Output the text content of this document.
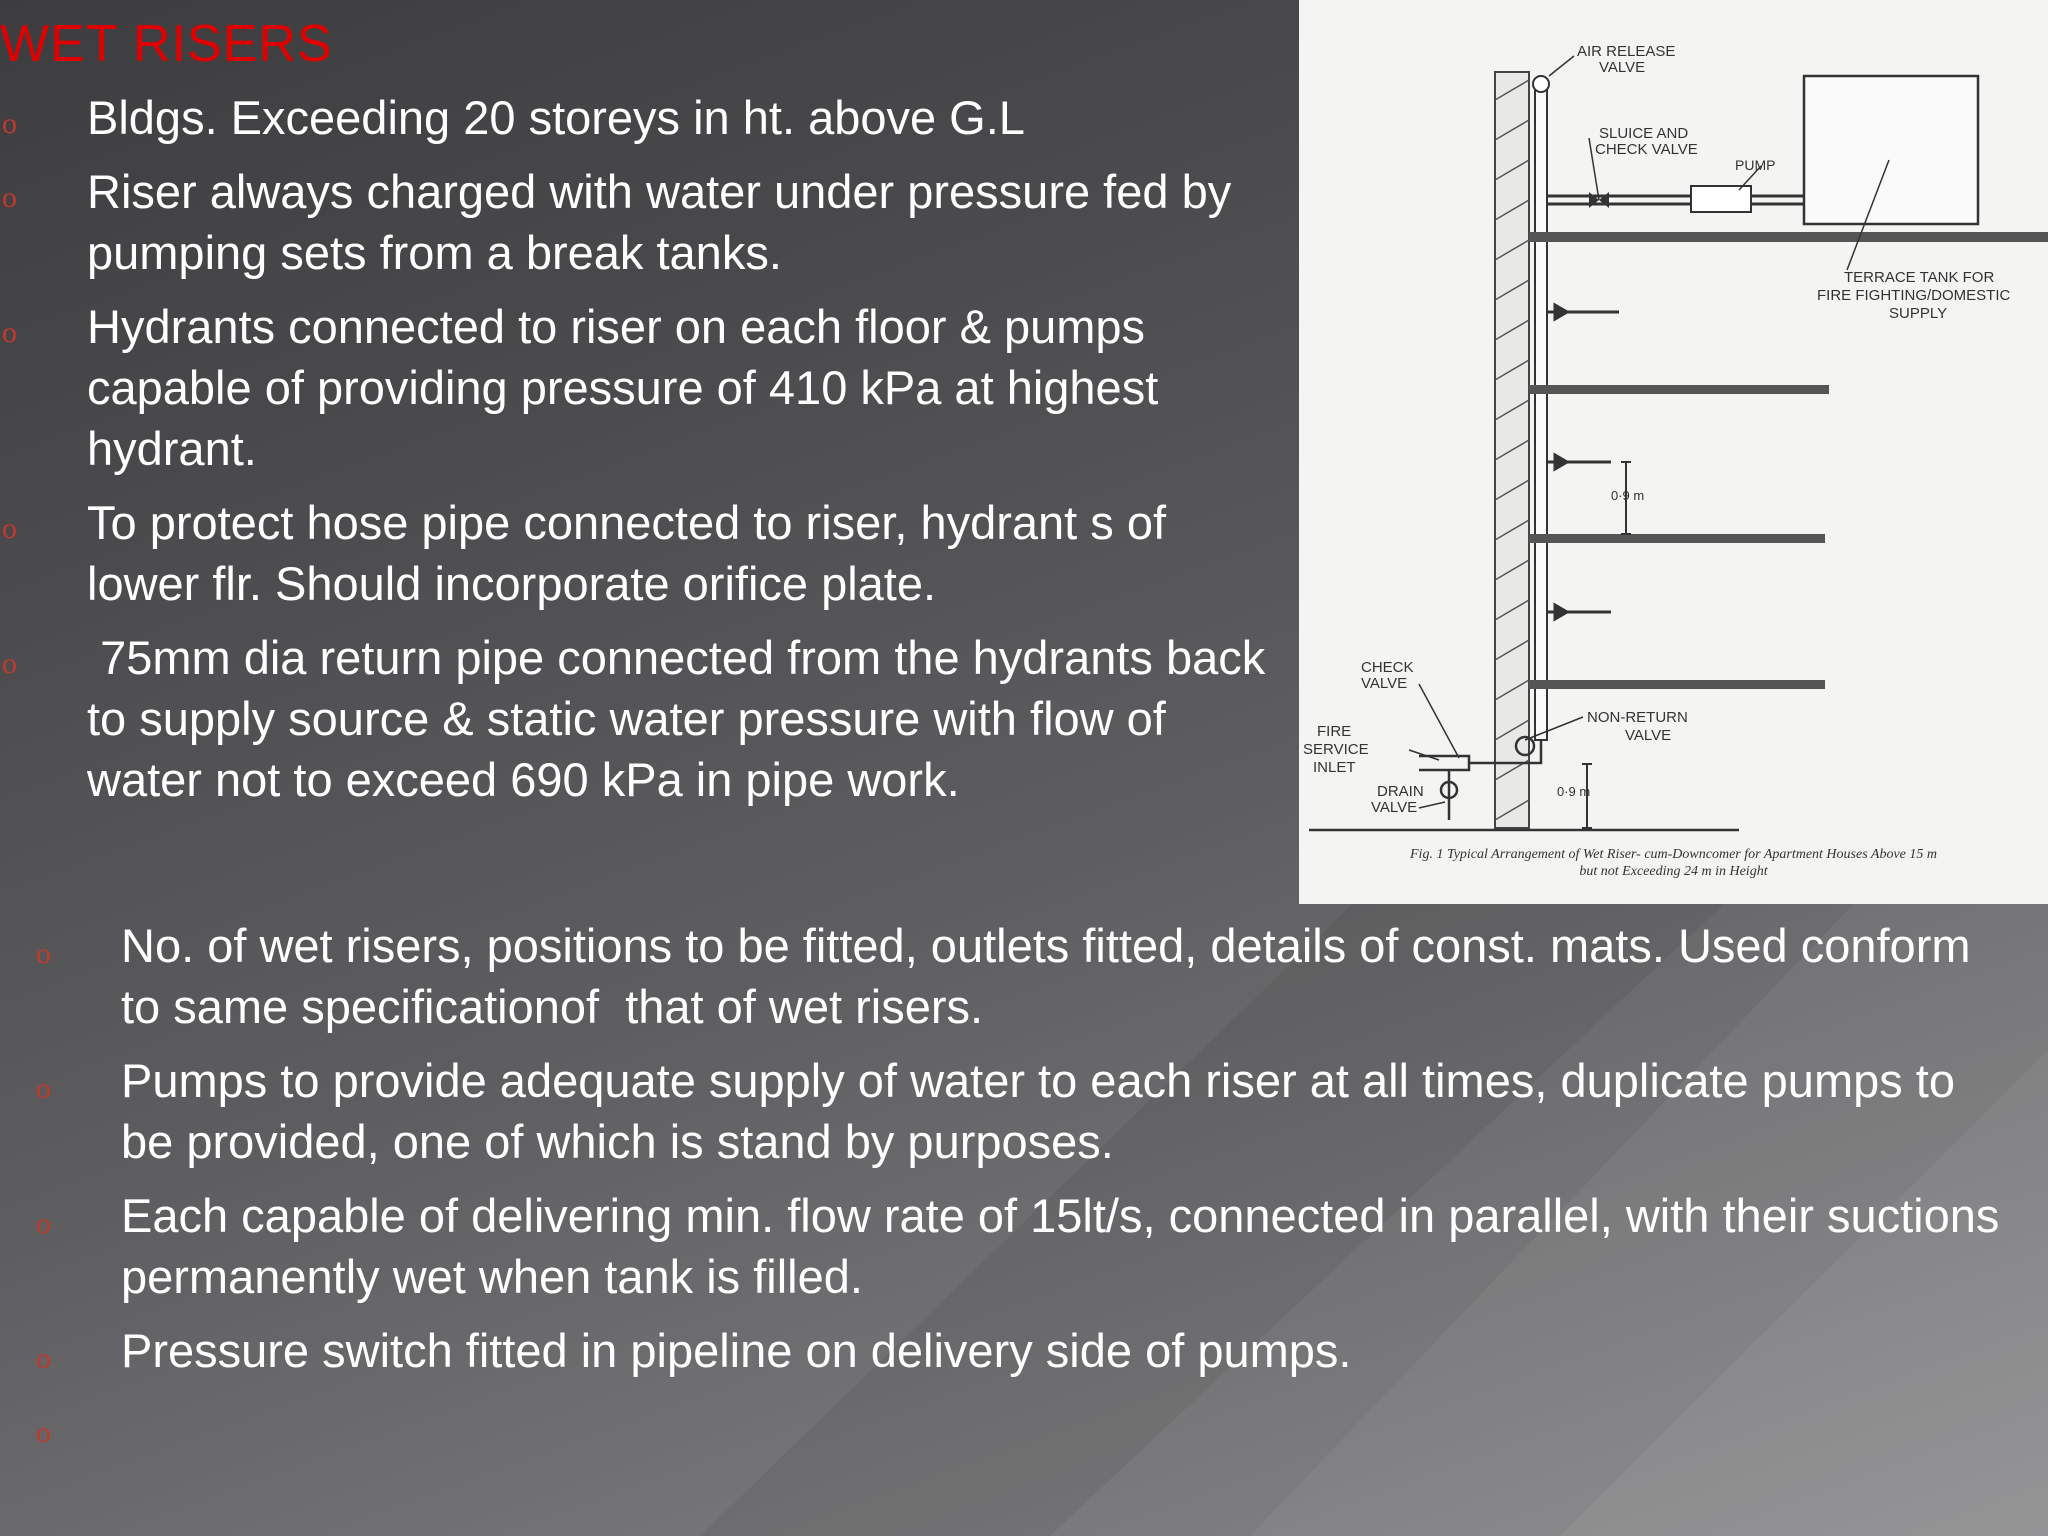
WET RISERS
o Bldgs. Exceeding 20 storeys in ht. above G.L
o Riser always charged with water under pressure fed by pumping sets from a break tanks.
o Hydrants connected to riser on each floor & pumps capable of providing pressure of 410 kPa at highest hydrant.
o To protect hose pipe connected to riser, hydrant s of lower flr. Should incorporate orifice plate.
o 75mm dia return pipe connected from the hydrants back to supply source & static water pressure with flow of water not to exceed 690 kPa in pipe work.
AIR RELEASE
VALVE
SLUICE AND
CHECK VALVE
PUMP
TERRACE TANK FOR
FIRE FIGHTING/DOMESTIC
SUPPLY
0·9 m
CHECK
VALVE
NON-RETURN
VALVE
FIRE
SERVICE
INLET
DRAIN
VALVE
0·9 m
Fig. 1 Typical Arrangement of Wet Riser- cum-Downcomer for Apartment Houses Above 15 m
but not Exceeding 24 m in Height
o No. of wet risers, positions to be fitted, outlets fitted, details of const. mats. Used conform to same specificationof  that of wet risers.
o Pumps to provide adequate supply of water to each riser at all times, duplicate pumps to be provided, one of which is stand by purposes.
o Each capable of delivering min. flow rate of 15lt/s, connected in parallel, with their suctions permanently wet when tank is filled.
o Pressure switch fitted in pipeline on delivery side of pumps.
o
